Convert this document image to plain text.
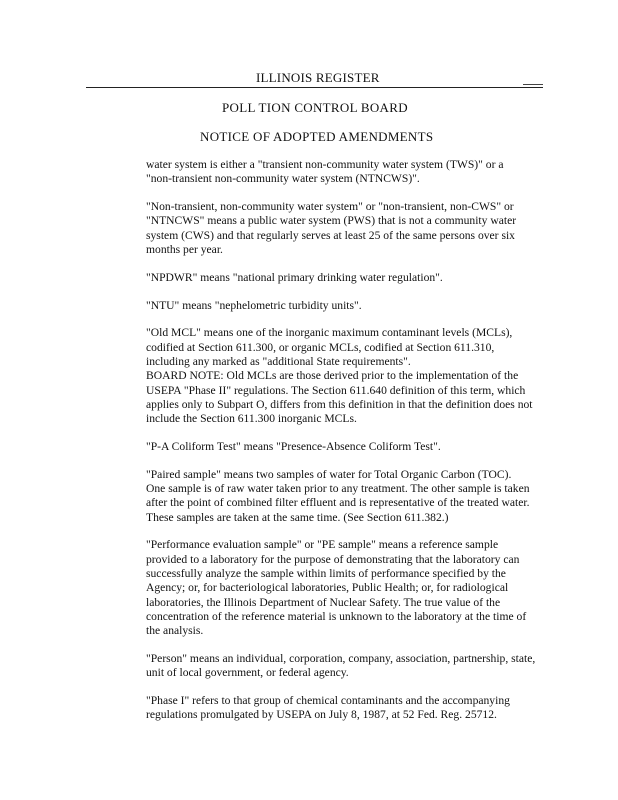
ILLINOIS REGISTER
POLL TION CONTROL BOARD
NOTICE OF ADOPTED AMENDMENTS
water system is either a "transient non-community water system (TWS)" or a
"non-transient non-community water system (NTNCWS)".
"Non-transient, non-community water system" or "non-transient, non-CWS" or
"NTNCWS" means a public water system (PWS) that is not a community water
system (CWS) and that regularly serves at least 25 of the same persons over six
months per year.
"NPDWR" means "national primary drinking water regulation".
"NTU" means "nephelometric turbidity units".
"Old MCL" means one of the inorganic maximum contaminant levels (MCLs),
codified at Section 611.300, or organic MCLs, codified at Section 611.310,
including any marked as "additional State requirements".
BOARD NOTE: Old MCLs are those derived prior to the implementation of the
USEPA "Phase II" regulations. The Section 611.640 definition of this term, which
applies only to Subpart O, differs from this definition in that the definition does not
include the Section 611.300 inorganic MCLs.
"P-A Coliform Test" means "Presence-Absence Coliform Test".
"Paired sample" means two samples of water for Total Organic Carbon (TOC).
One sample is of raw water taken prior to any treatment. The other sample is taken
after the point of combined filter effluent and is representative of the treated water.
These samples are taken at the same time. (See Section 611.382.)
"Performance evaluation sample" or "PE sample" means a reference sample
provided to a laboratory for the purpose of demonstrating that the laboratory can
successfully analyze the sample within limits of performance specified by the
Agency; or, for bacteriological laboratories, Public Health; or, for radiological
laboratories, the Illinois Department of Nuclear Safety. The true value of the
concentration of the reference material is unknown to the laboratory at the time of
the analysis.
"Person" means an individual, corporation, company, association, partnership, state,
unit of local government, or federal agency.
"Phase I" refers to that group of chemical contaminants and the accompanying
regulations promulgated by USEPA on July 8, 1987, at 52 Fed. Reg. 25712.
